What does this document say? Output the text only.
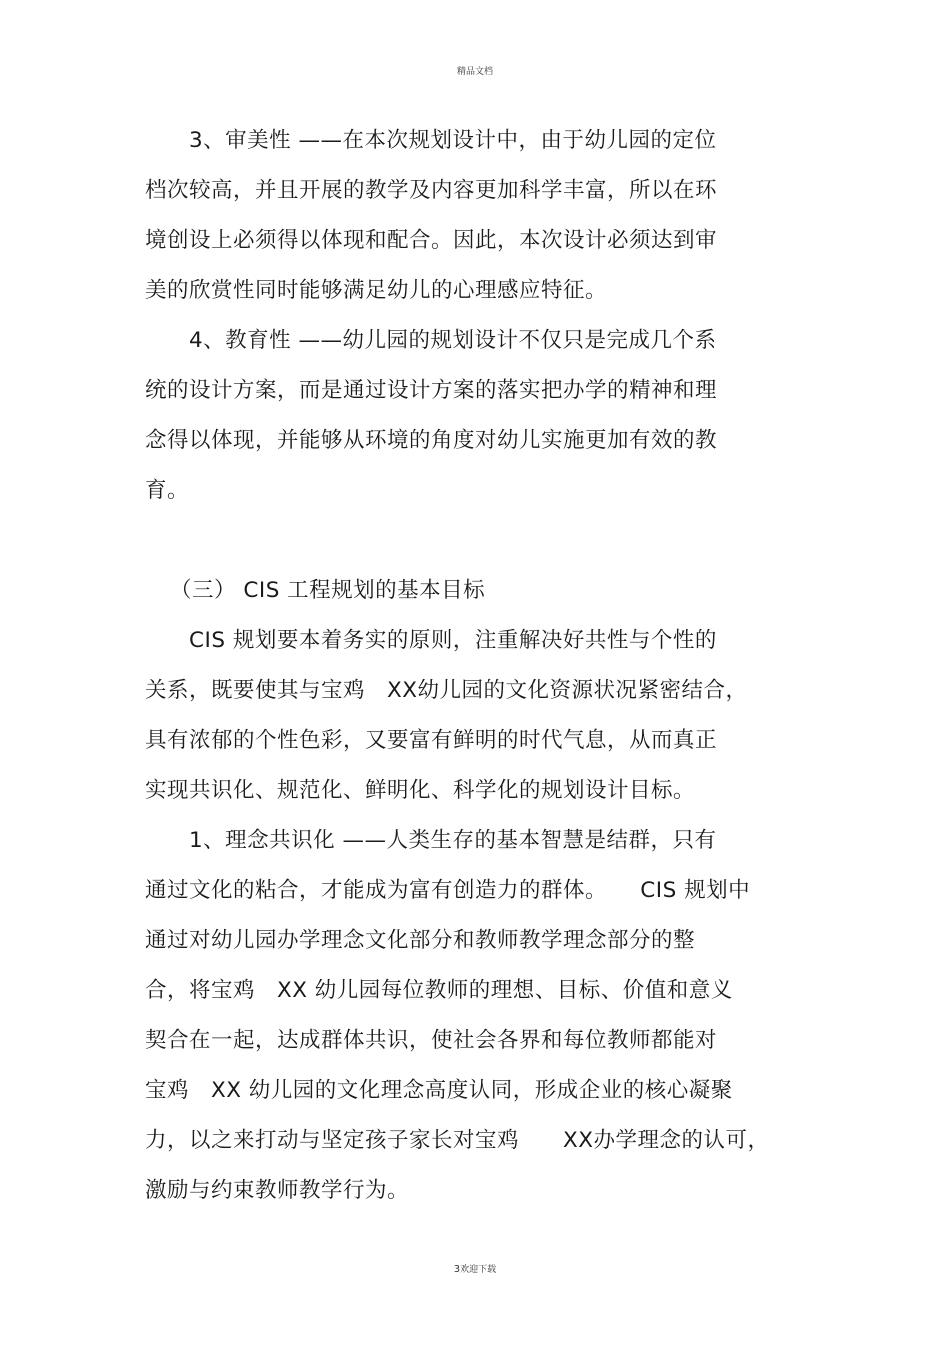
精品文档
　　3、审美性 ——在本次规划设计中，由于幼儿园的定位
档次较高，并且开展的教学及内容更加科学丰富，所以在环
境创设上必须得以体现和配合。因此，本次设计必须达到审
美的欣赏性同时能够满足幼儿的心理感应特征。
　　4、教育性 ——幼儿园的规划设计不仅只是完成几个系
统的设计方案，而是通过设计方案的落实把办学的精神和理
念得以体现，并能够从环境的角度对幼儿实施更加有效的教
育。
（三） CIS 工程规划的基本目标
　　CIS 规划要本着务实的原则，注重解决好共性与个性的
关系，既要使其与宝鸡　XX幼儿园的文化资源状况紧密结合，
具有浓郁的个性色彩，又要富有鲜明的时代气息，从而真正
实现共识化、规范化、鲜明化、科学化的规划设计目标。
　　1、理念共识化 ——人类生存的基本智慧是结群，只有
通过文化的粘合，才能成为富有创造力的群体。　　CIS 规划中
通过对幼儿园办学理念文化部分和教师教学理念部分的整
合，将宝鸡　XX 幼儿园每位教师的理想、目标、价值和意义
契合在一起，达成群体共识，使社会各界和每位教师都能对
宝鸡　XX 幼儿园的文化理念高度认同，形成企业的核心凝聚
力，以之来打动与坚定孩子家长对宝鸡　　XX办学理念的认可，
激励与约束教师教学行为。
3欢迎下载
